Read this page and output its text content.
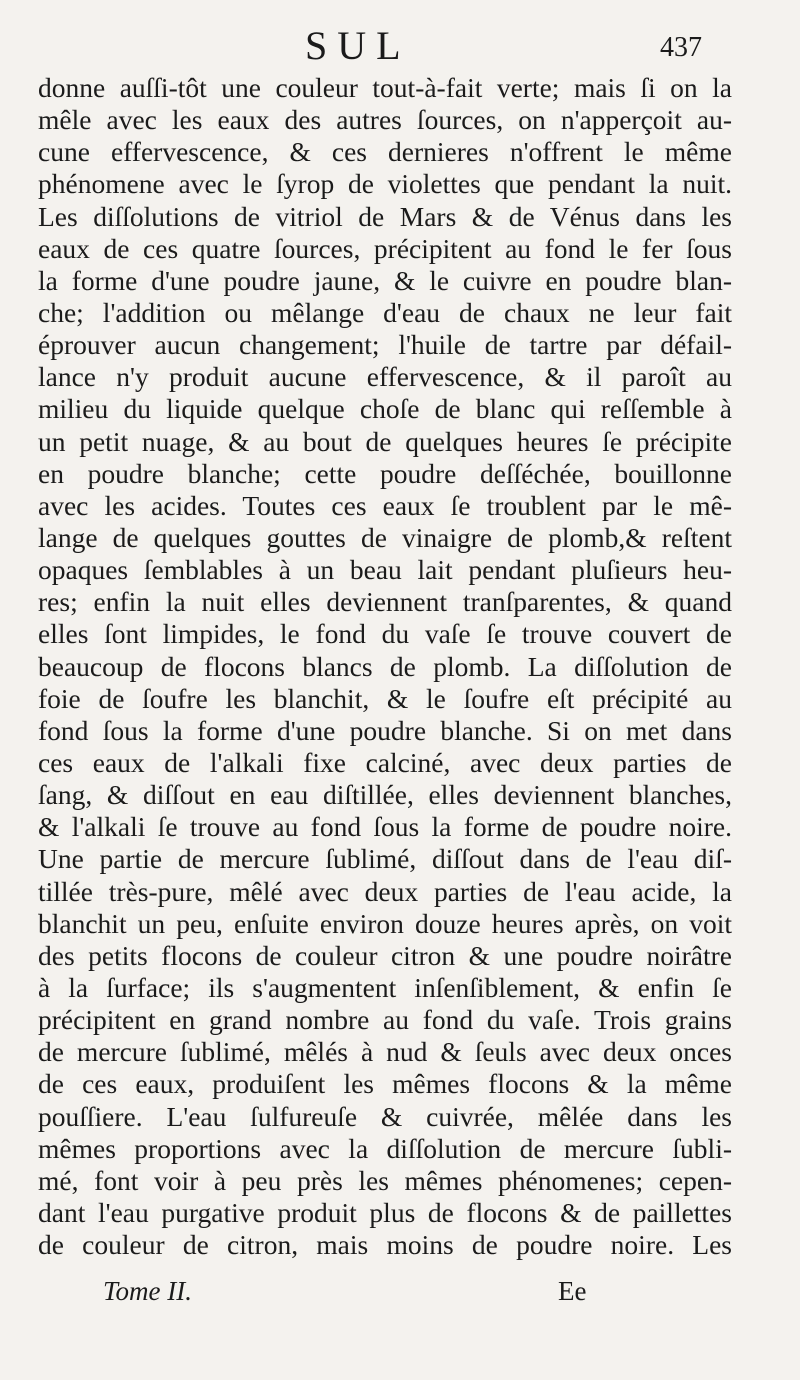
SUL	437
donne auſſi-tôt une couleur tout-à-fait verte; mais ſi on la
mêle avec les eaux des autres ſources, on n'apperçoit au-
cune effervescence, & ces dernieres n'offrent le même
phénomene avec le ſyrop de violettes que pendant la nuit.
Les diſſolutions de vitriol de Mars & de Vénus dans les
eaux de ces quatre ſources, précipitent au fond le fer ſous
la forme d'une poudre jaune, & le cuivre en poudre blan-
che; l'addition ou mêlange d'eau de chaux ne leur fait
éprouver aucun changement; l'huile de tartre par défail-
lance n'y produit aucune effervescence, & il paroît au
milieu du liquide quelque choſe de blanc qui reſſemble à
un petit nuage, & au bout de quelques heures ſe précipite
en poudre blanche; cette poudre deſſéchée, bouillonne
avec les acides. Toutes ces eaux ſe troublent par le mê-
lange de quelques gouttes de vinaigre de plomb,& reſtent
opaques ſemblables à un beau lait pendant pluſieurs heu-
res; enfin la nuit elles deviennent tranſparentes, & quand
elles ſont limpides, le fond du vaſe ſe trouve couvert de
beaucoup de flocons blancs de plomb. La diſſolution de
foie de ſoufre les blanchit, & le ſoufre eſt précipité au
fond ſous la forme d'une poudre blanche. Si on met dans
ces eaux de l'alkali fixe calciné, avec deux parties de
ſang, & diſſout en eau diſtillée, elles deviennent blanches,
& l'alkali ſe trouve au fond ſous la forme de poudre noire.
Une partie de mercure ſublimé, diſſout dans de l'eau diſ-
tillée très-pure, mêlé avec deux parties de l'eau acide, la
blanchit un peu, enſuite environ douze heures après, on voit
des petits flocons de couleur citron & une poudre noirâtre
à la ſurface; ils s'augmentent inſenſiblement, & enfin ſe
précipitent en grand nombre au fond du vaſe. Trois grains
de mercure ſublimé, mêlés à nud & ſeuls avec deux onces
de ces eaux, produiſent les mêmes flocons & la même
pouſſiere. L'eau ſulfureuſe & cuivrée, mêlée dans les
mêmes proportions avec la diſſolution de mercure ſubli-
mé, font voir à peu près les mêmes phénomenes; cepen-
dant l'eau purgative produit plus de flocons & de paillettes
de couleur de citron, mais moins de poudre noire. Les
Tome II.	Ee
